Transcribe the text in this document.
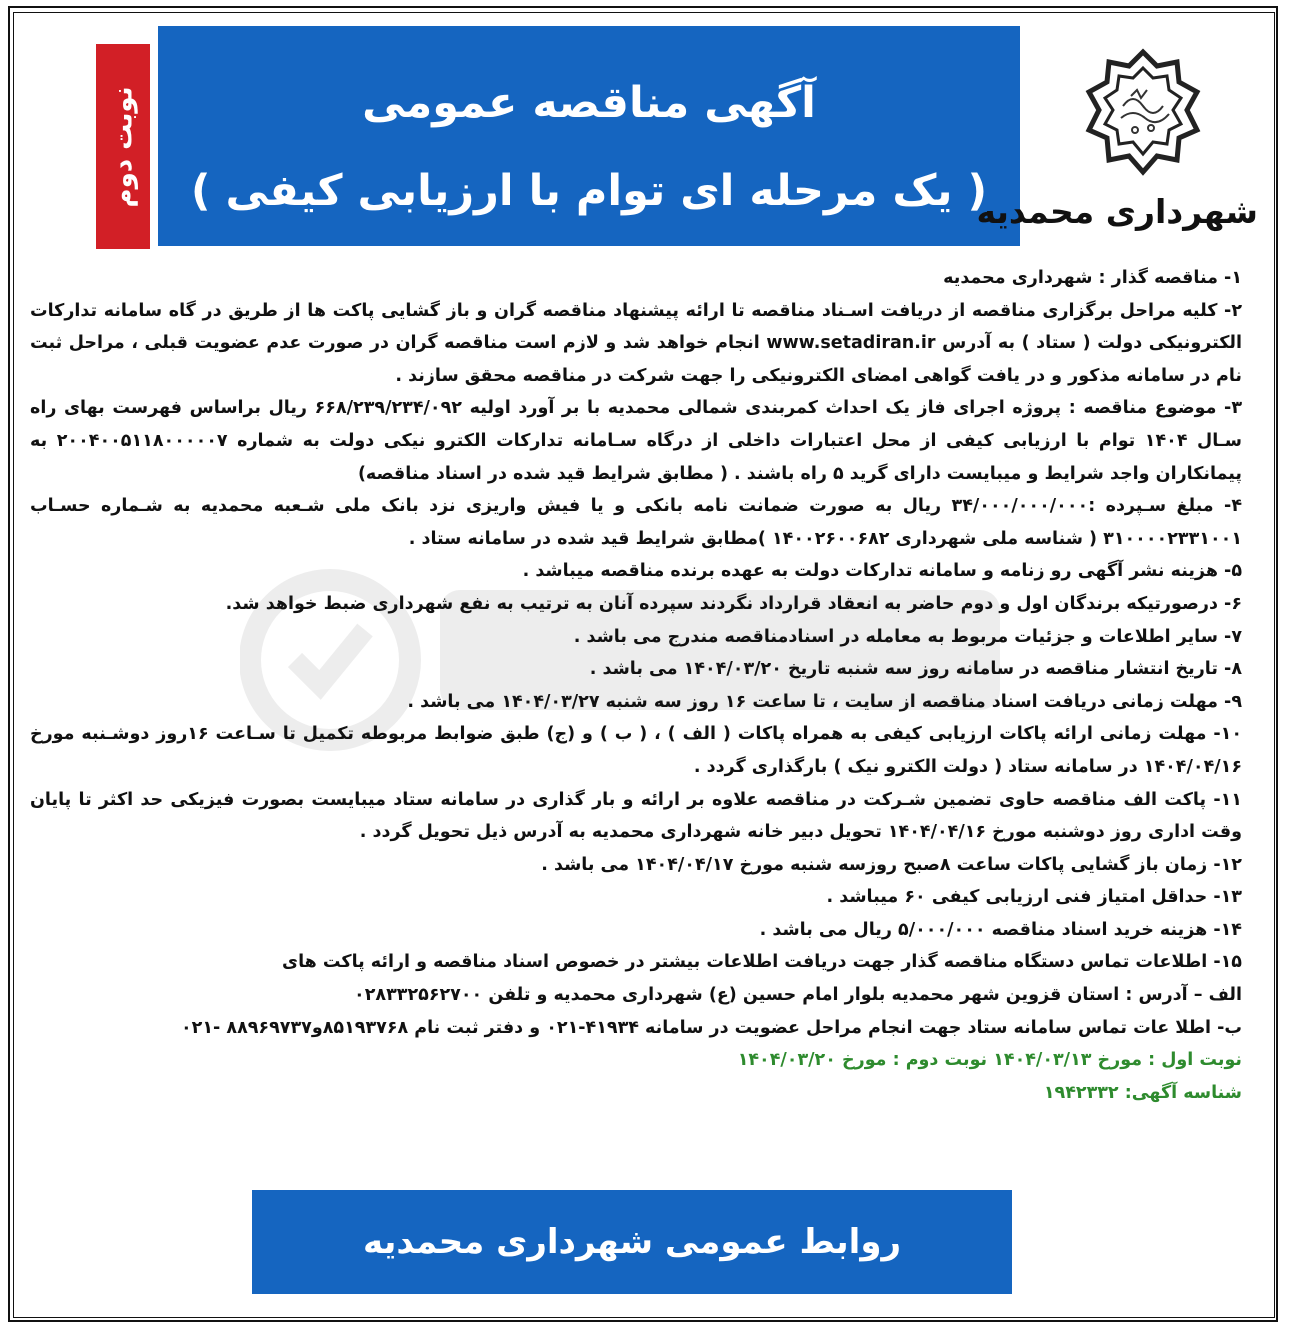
نوبت دوم	آگهی مناقصه عمومی
( یک مرحله ای توام با ارزیابی کیفی )
شهرداری محمدیه

۱- مناقصه گذار : شهرداری محمدیه

۲- کلیه مراحل برگزاری مناقصه از دریافت اسـناد مناقصه تا ارائه پیشنهاد مناقصه گران و باز گشایی پاکت ها از طریق در گاه سامانه تدارکات الکترونیکی دولت ( ستاد ) به آدرس www.setadiran.ir انجام خواهد شد و لازم است مناقصه گران در صورت عدم عضویت قبلی ، مراحل ثبت نام در سامانه مذکور و در یافت گواهی امضای الکترونیکی را جهت شرکت در مناقصه محقق سازند .

۳- موضوع مناقصه : پروژه اجرای فاز یک احداث کمربندی شمالی محمدیه با بر آورد اولیه ۶۶۸/۲۳۹/۲۳۴/۰۹۲ ریال براساس فهرست بهای راه سـال ۱۴۰۴ توام با ارزیابی کیفی از محل اعتبارات داخلی از درگاه سـامانه تدارکات الکترو نیکی دولت به شماره ۲۰۰۴۰۰۵۱۱۸۰۰۰۰۰۷ به پیمانکاران واجد شرایط و میبایست دارای گرید ۵ راه باشند . ( مطابق شرایط قید شده در اسناد مناقصه)

۴- مبلغ سـپرده :۳۴/۰۰۰/۰۰۰/۰۰۰ ریال به صورت ضمانت نامه بانکی و یا فیش واریزی نزد بانک ملی شـعبه محمدیه به شـماره حسـاب ۳۱۰۰۰۰۲۳۳۱۰۰۱ ( شناسه ملی شهرداری ۱۴۰۰۲۶۰۰۶۸۲ )مطابق شرایط قید شده در سامانه ستاد .

۵- هزینه نشر آگهی رو زنامه و سامانه تدارکات دولت به عهده برنده مناقصه میباشد .

۶- درصورتیکه برندگان اول و دوم حاضر به انعقاد قرارداد نگردند سپرده آنان به ترتیب به نفع شهرداری ضبط خواهد شد.

۷- سایر اطلاعات و جزئیات مربوط به معامله در اسنادمناقصه مندرج می باشد .

۸- تاریخ انتشار مناقصه در سامانه روز سه شنبه تاریخ ۱۴۰۴/۰۳/۲۰ می باشد .

۹- مهلت زمانی دریافت اسناد مناقصه از سایت ، تا ساعت ۱۶ روز سه شنبه ۱۴۰۴/۰۳/۲۷ می باشد .

۱۰- مهلت زمانی ارائه پاکات ارزیابی کیفی به همراه پاکات ( الف ) ، ( ب ) و (ج) طبق ضوابط مربوطه تکمیل تا سـاعت ۱۶روز دوشـنبه مورخ ۱۴۰۴/۰۴/۱۶ در سامانه ستاد ( دولت الکترو نیک ) بارگذاری گردد .

۱۱- پاکت الف مناقصه حاوی تضمین شـرکت در مناقصه علاوه بر ارائه و بار گذاری در سامانه ستاد میبایست بصورت فیزیکی حد اکثر تا پایان وقت اداری روز دوشنبه مورخ ۱۴۰۴/۰۴/۱۶ تحویل دبیر خانه شهرداری محمدیه به آدرس ذیل تحویل گردد .

۱۲- زمان باز گشایی پاکات ساعت ۸صبح روزسه شنبه مورخ ۱۴۰۴/۰۴/۱۷ می باشد .

۱۳- حداقل امتیاز فنی ارزیابی کیفی ۶۰ میباشد .

۱۴- هزینه خرید اسناد مناقصه ۵/۰۰۰/۰۰۰ ریال می باشد .

۱۵- اطلاعات تماس دستگاه مناقصه گذار جهت دریافت اطلاعات بیشتر در خصوص اسناد مناقصه و ارائه پاکت های

الف – آدرس : استان قزوین شهر محمدیه بلوار امام حسین (ع) شهرداری محمدیه و تلفن ۰۲۸۳۳۲۵۶۲۷۰۰

ب- اطلا عات تماس سامانه ستاد جهت انجام مراحل عضویت در سامانه ۴۱۹۳۴-۰۲۱ و دفتر ثبت نام ۸۵۱۹۳۷۶۸و۸۸۹۶۹۷۳۷ -۰۲۱

نوبت اول : مورخ ۱۴۰۴/۰۳/۱۳ نوبت دوم : مورخ ۱۴۰۴/۰۳/۲۰

شناسه آگهی: ۱۹۴۲۳۳۲

روابط عمومی شهرداری محمدیه
